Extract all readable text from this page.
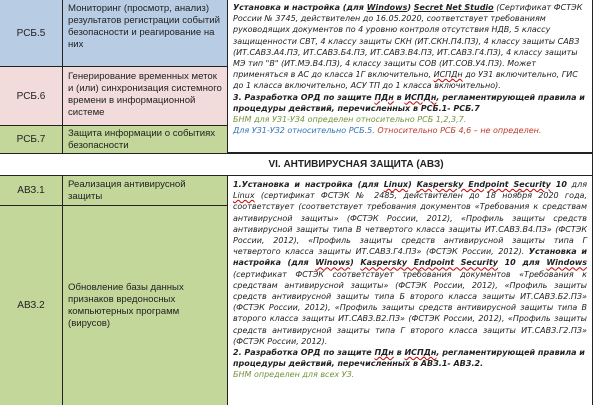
РСБ.5
Мониторинг (просмотр, анализ) результатов регистрации событий безопасности и реагирование на них
РСБ.6
Генерирование временных меток и (или) синхронизация системного времени в информационной системе
РСБ.7
Защита информации о событиях безопасности
Установка и настройка (для Windows) Secret Net Studio (Сертификат ФСТЭК России № 3745, действителен до 16.05.2020, соответствует требованиям руководящих документов по 4 уровню контроля отсутствия НДВ, 5 классу защищенности СВТ, 4 классу защиты СКН (ИТ.СКН.П4.ПЗ), 4 классу защиты САВЗ (ИТ.САВЗ.А4.ПЗ, ИТ.САВЗ.Б4.ПЗ, ИТ.САВЗ.В4.ПЗ, ИТ.САВЗ.Г4.ПЗ), 4 классу защиты МЭ тип "В" (ИТ.МЭ.В4.ПЗ), 4 классу защиты СОВ (ИТ.СОВ.У4.ПЗ). Может применяться в АС до класса 1Г включительно, ИСПДн до УЗ1 включительно, ГИС до 1 класса включительно, АСУ ТП до 1 класса включительно).
3. Разработка ОРД по защите ПДн в ИСПДн, регламентирующей правила и процедуры действий, перечисленных в РСБ.1- РСБ.7
БНМ для УЗ1-УЗ4 определен относительно РСБ 1,2,3,7.
Для УЗ1-УЗ2 относительно РСБ.5. Относительно РСБ 4,6 – не определен.
VI. АНТИВИРУСНАЯ ЗАЩИТА (АВЗ)
АВЗ.1
Реализация антивирусной защиты
АВЗ.2
Обновление базы данных признаков вредоносных компьютерных программ (вирусов)
1.Установка и настройка (для Linux) Kaspersky Endpoint Security 10 для Linux (сертификат ФСТЭК № 2485, действителен до 18 ноября 2020 года, соответствует (соответствует требования документов «Требования к средствам антивирусной защиты» (ФСТЭК России, 2012), «Профиль защиты средств антивирусной защиты типа В четвертого класса защиты ИТ.САВЗ.В4.ПЗ» (ФСТЭК России, 2012), «Профиль защиты средств антивирусной защиты типа Г четвертого класса защиты ИТ.САВЗ.Г4.ПЗ» (ФСТЭК России, 2012). Установка и настройка (для Winows) Kaspersky Endpoint Security 10 для Windows (сертификат ФСТЭК соответствует требования документов «Требования к средствам антивирусной защиты» (ФСТЭК России, 2012), «Профиль защиты средств антивирусной защиты типа Б второго класса защиты ИТ.САВЗ.Б2.ПЗ» (ФСТЭК России, 2012), «Профиль защиты средств антивирусной защиты типа В второго класса защиты ИТ.САВЗ.В2.ПЗ» (ФСТЭК России, 2012), «Профиль защиты средств антивирусной защиты типа Г второго класса защиты ИТ.САВЗ.Г2.ПЗ» (ФСТЭК России, 2012).
2. Разработка ОРД по защите ПДн в ИСПДн, регламентирующей правила и процедуры действий, перечисленных в АВЗ.1- АВЗ.2.
БНМ определен для всех УЗ.
